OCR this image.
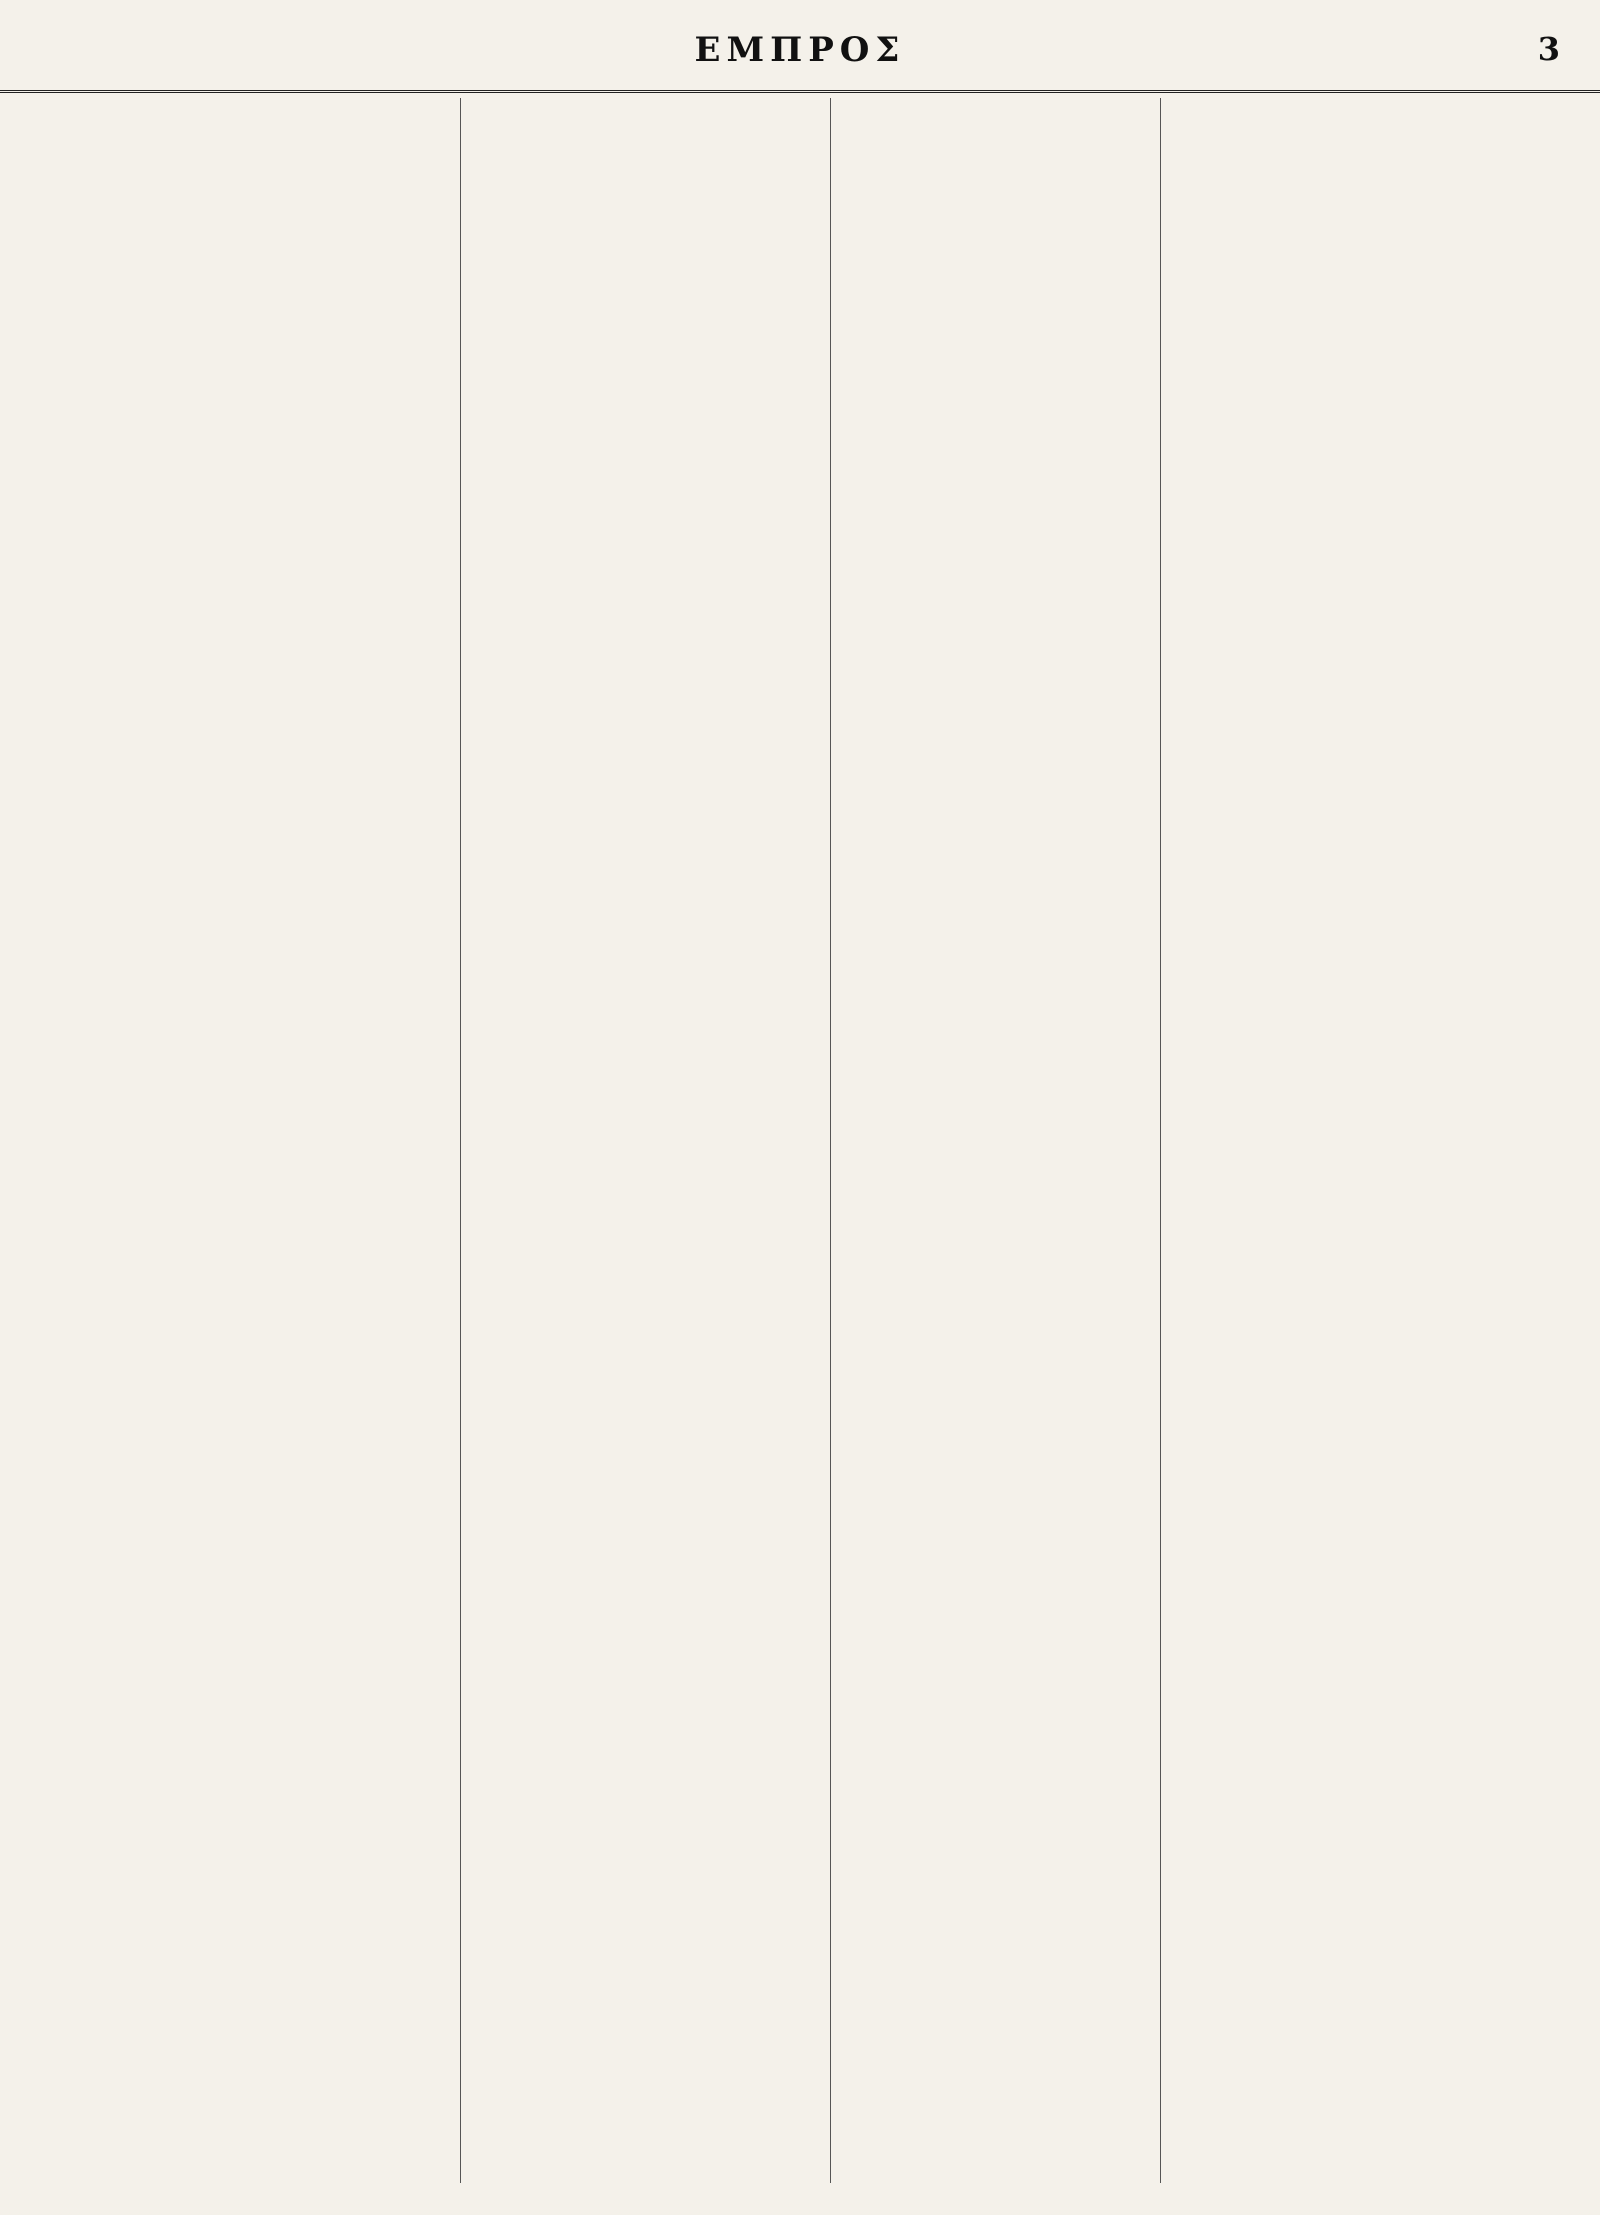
ΕΜΠΡΟΣ	3
